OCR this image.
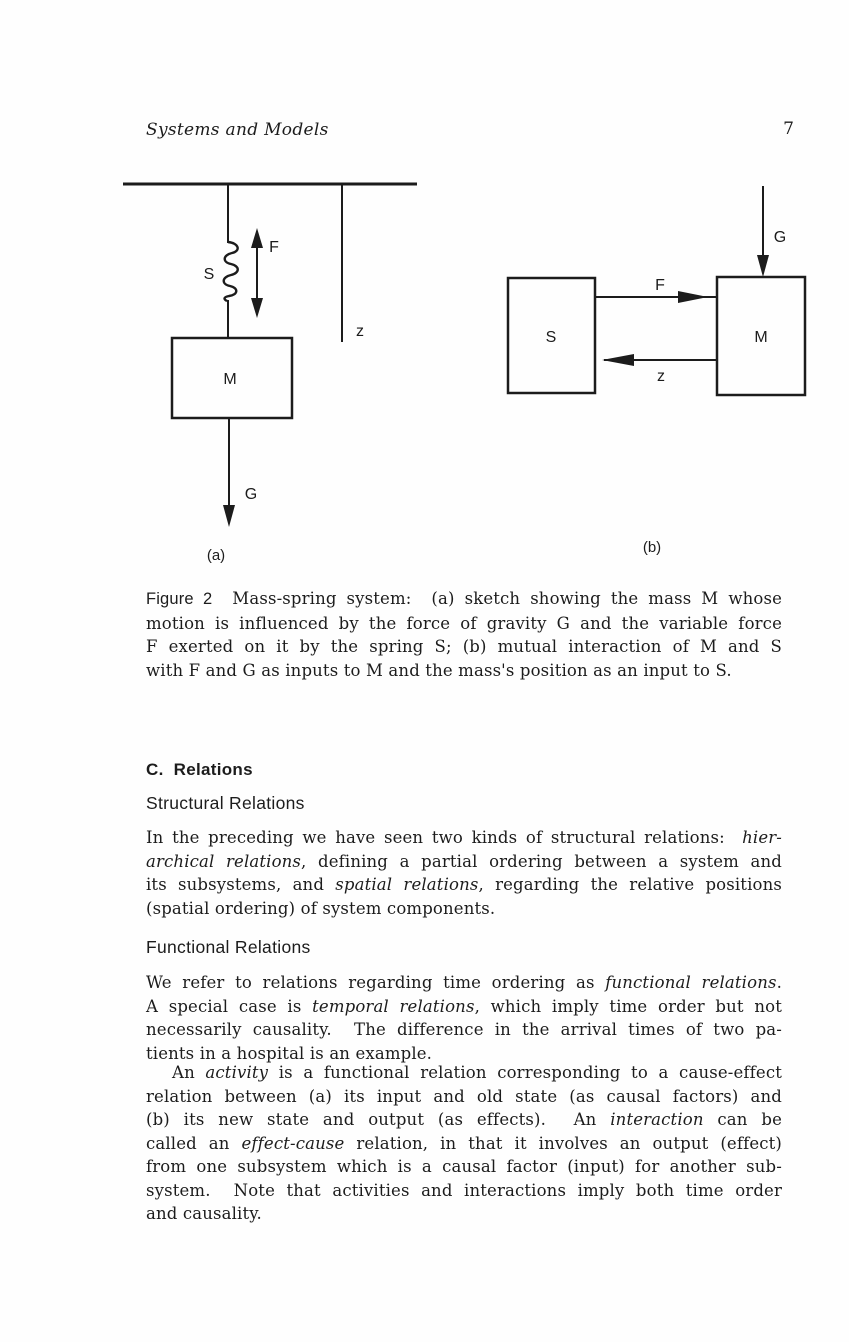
Systems and Models	7
S
F
M
G
z
(a)
S	M
F
G
z
(b)
Figure 2  Mass-spring system:  (a) sketch showing the mass M whose
motion is influenced by the force of gravity G and the variable force
F exerted on it by the spring S; (b) mutual interaction of M and S
with F and G as inputs to M and the mass's position as an input to S.
C.  Relations
Structural Relations
In the preceding we have seen two kinds of structural relations:  hier-
archical relations, defining a partial ordering between a system and
its subsystems, and spatial relations, regarding the relative positions
(spatial ordering) of system components.
Functional Relations
We refer to relations regarding time ordering as functional relations.
A special case is temporal relations, which imply time order but not
necessarily causality.  The difference in the arrival times of two pa-
tients in a hospital is an example.
An activity is a functional relation corresponding to a cause-effect
relation between (a) its input and old state (as causal factors) and
(b) its new state and output (as effects).  An interaction can be
called an effect-cause relation, in that it involves an output (effect)
from one subsystem which is a causal factor (input) for another sub-
system.  Note that activities and interactions imply both time order
and causality.
